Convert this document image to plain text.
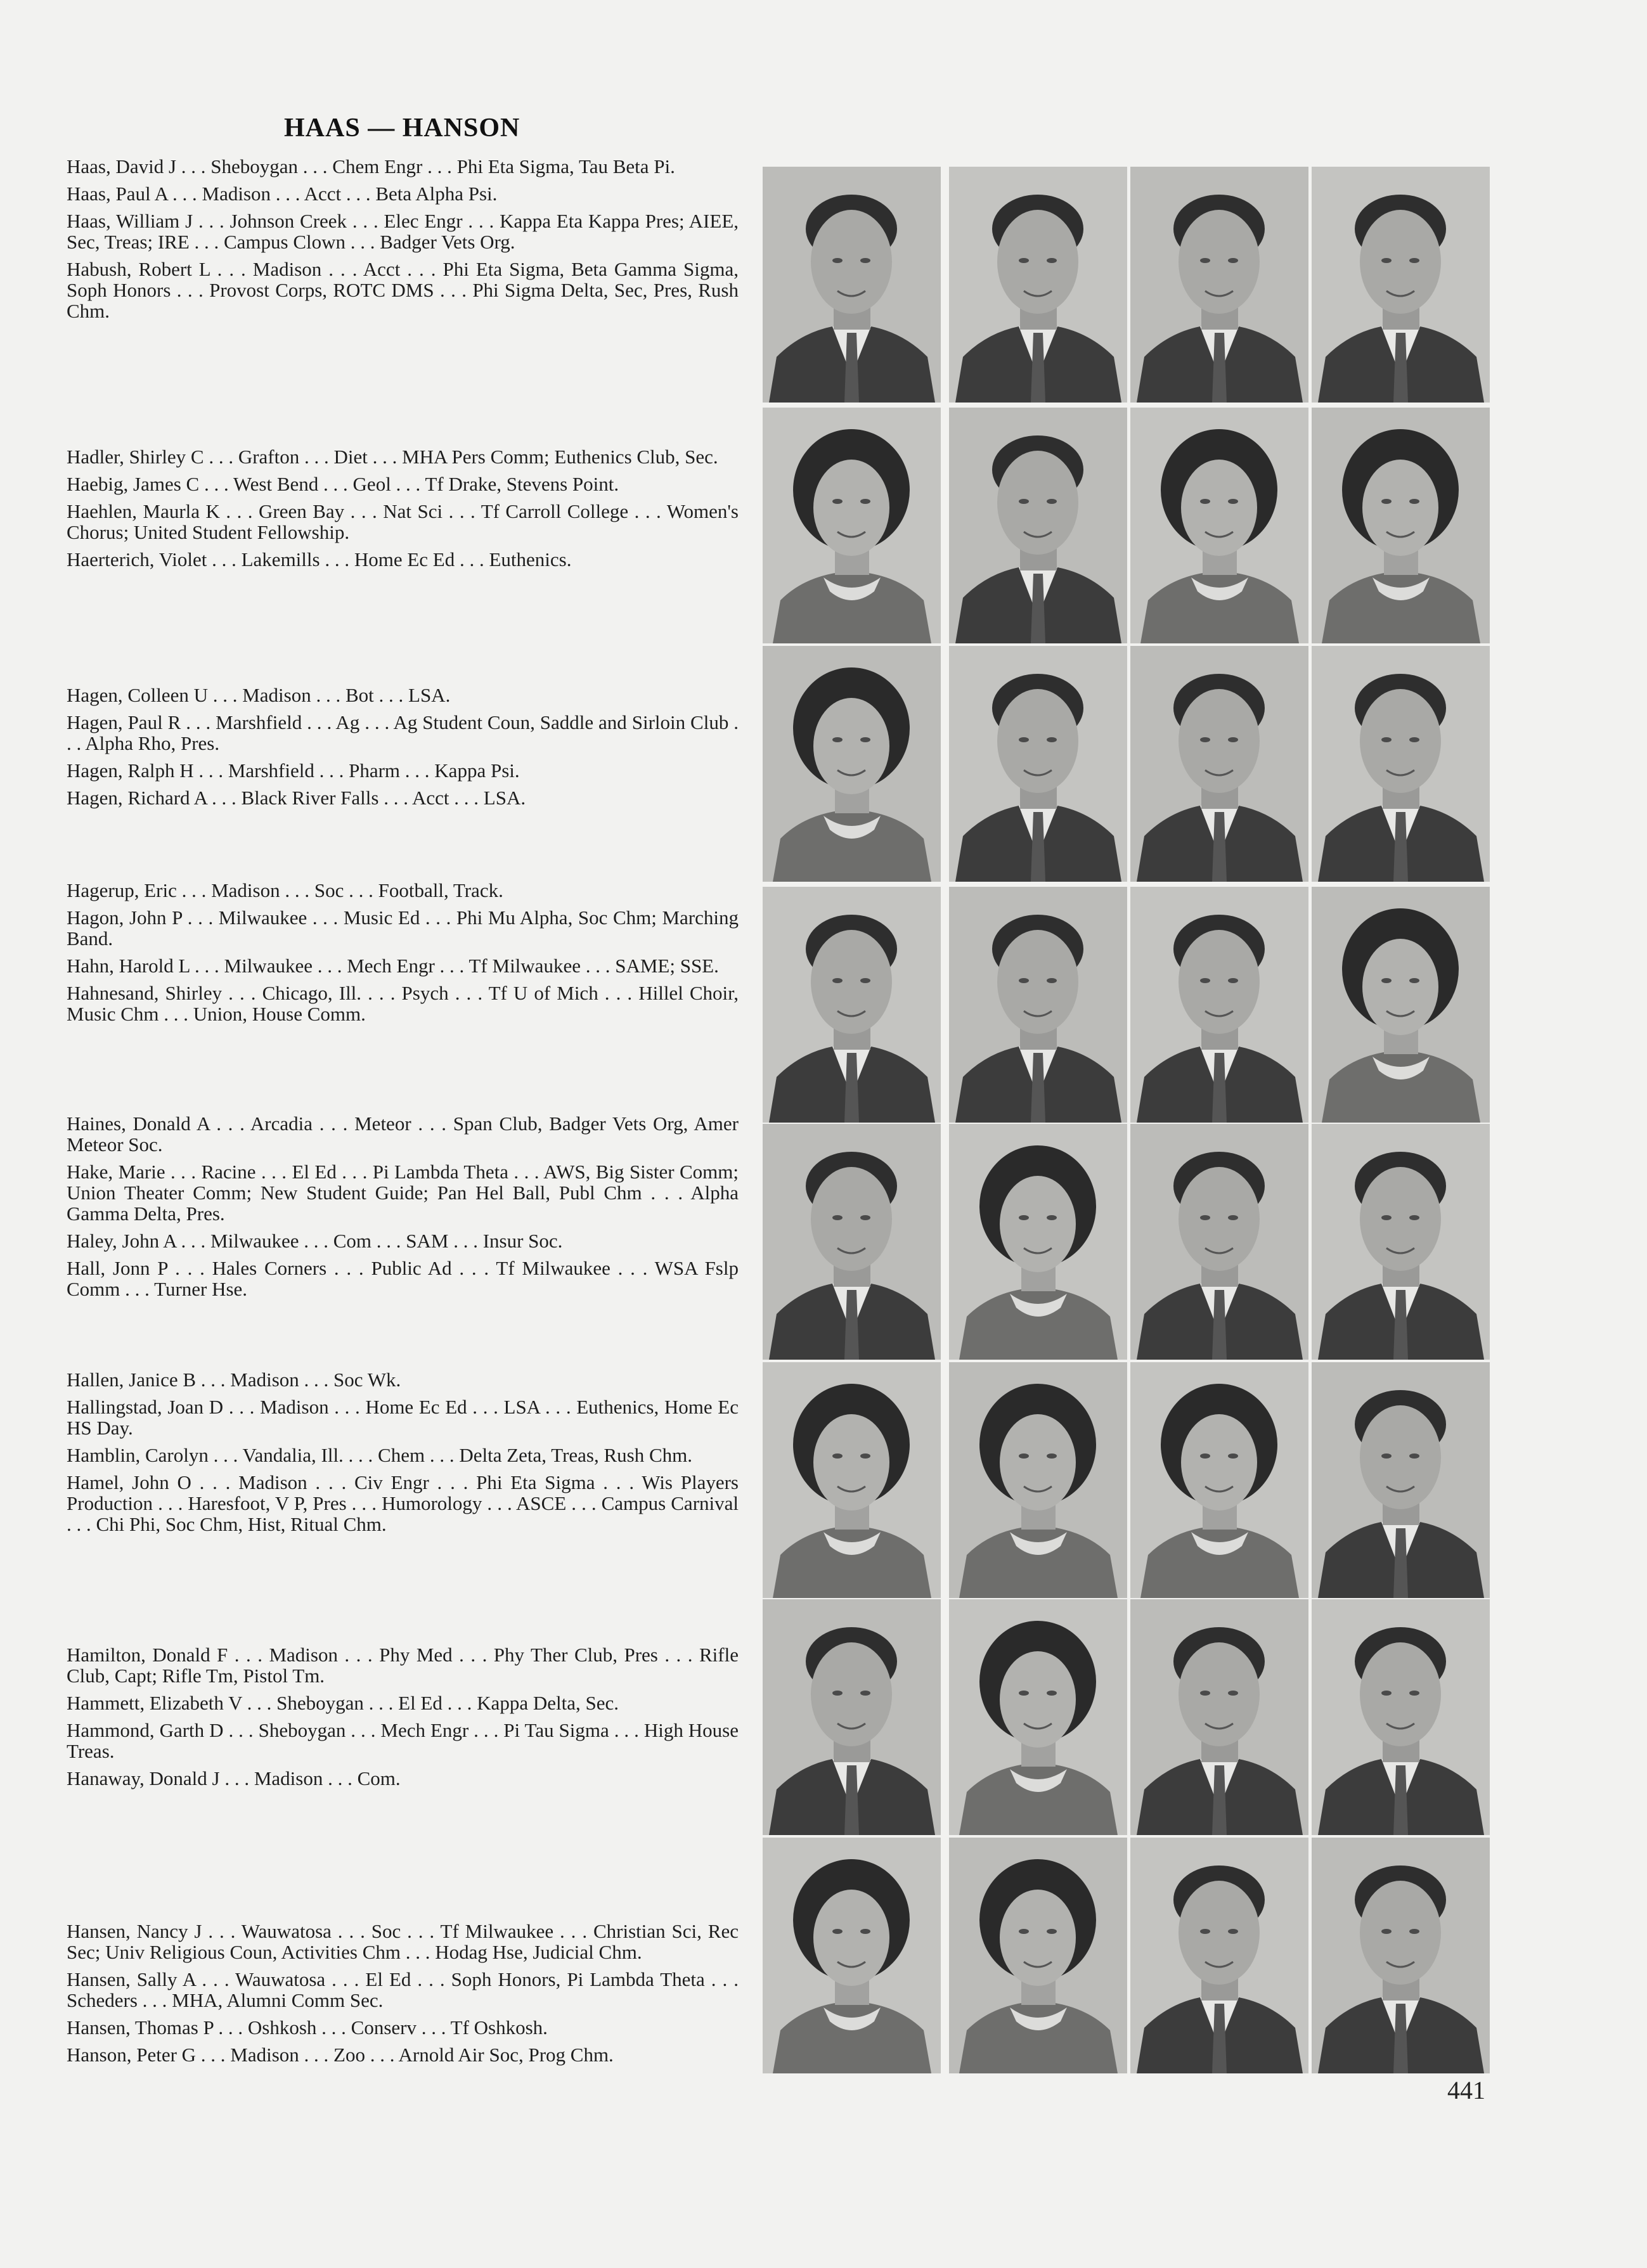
HAAS — HANSON

Haas, David J . . . Sheboygan . . . Chem Engr . . . Phi Eta Sigma, Tau Beta Pi.

Haas, Paul A . . . Madison . . . Acct . . . Beta Alpha Psi.

Haas, William J . . . Johnson Creek . . . Elec Engr . . . Kappa Eta Kappa Pres; AIEE, Sec, Treas; IRE . . . Campus Clown . . . Badger Vets Org.

Habush, Robert L . . . Madison . . . Acct . . . Phi Eta Sigma, Beta Gamma Sigma, Soph Honors . . . Provost Corps, ROTC DMS . . . Phi Sigma Delta, Sec, Pres, Rush Chm.

Hadler, Shirley C . . . Grafton . . . Diet . . . MHA Pers Comm; Euthenics Club, Sec.

Haebig, James C . . . West Bend . . . Geol . . . Tf Drake, Stevens Point.

Haehlen, Maurla K . . . Green Bay . . . Nat Sci . . . Tf Carroll College . . . Women's Chorus; United Student Fellowship.

Haerterich, Violet . . . Lakemills . . . Home Ec Ed . . . Euthenics.

Hagen, Colleen U . . . Madison . . . Bot . . . LSA.

Hagen, Paul R . . . Marshfield . . . Ag . . . Ag Student Coun, Saddle and Sirloin Club . . . Alpha Rho, Pres.

Hagen, Ralph H . . . Marshfield . . . Pharm . . . Kappa Psi.

Hagen, Richard A . . . Black River Falls . . . Acct . . . LSA.

Hagerup, Eric . . . Madison . . . Soc . . . Football, Track.

Hagon, John P . . . Milwaukee . . . Music Ed . . . Phi Mu Alpha, Soc Chm; Marching Band.

Hahn, Harold L . . . Milwaukee . . . Mech Engr . . . Tf Milwaukee . . . SAME; SSE.

Hahnesand, Shirley . . . Chicago, Ill. . . . Psych . . . Tf U of Mich . . . Hillel Choir, Music Chm . . . Union, House Comm.

Haines, Donald A . . . Arcadia . . . Meteor . . . Span Club, Badger Vets Org, Amer Meteor Soc.

Hake, Marie . . . Racine . . . El Ed . . . Pi Lambda Theta . . . AWS, Big Sister Comm; Union Theater Comm; New Student Guide; Pan Hel Ball, Publ Chm . . . Alpha Gamma Delta, Pres.

Haley, John A . . . Milwaukee . . . Com . . . SAM . . . Insur Soc.

Hall, Jonn P . . . Hales Corners . . . Public Ad . . . Tf Milwaukee . . . WSA Fslp Comm . . . Turner Hse.

Hallen, Janice B . . . Madison . . . Soc Wk.

Hallingstad, Joan D . . . Madison . . . Home Ec Ed . . . LSA . . . Euthenics, Home Ec HS Day.

Hamblin, Carolyn . . . Vandalia, Ill. . . . Chem . . . Delta Zeta, Treas, Rush Chm.

Hamel, John O . . . Madison . . . Civ Engr . . . Phi Eta Sigma . . . Wis Players Production . . . Haresfoot, V P, Pres . . . Humorology . . . ASCE . . . Campus Carnival . . . Chi Phi, Soc Chm, Hist, Ritual Chm.

Hamilton, Donald F . . . Madison . . . Phy Med . . . Phy Ther Club, Pres . . . Rifle Club, Capt; Rifle Tm, Pistol Tm.

Hammett, Elizabeth V . . . Sheboygan . . . El Ed . . . Kappa Delta, Sec.

Hammond, Garth D . . . Sheboygan . . . Mech Engr . . . Pi Tau Sigma . . . High House Treas.

Hanaway, Donald J . . . Madison . . . Com.

Hansen, Nancy J . . . Wauwatosa . . . Soc . . . Tf Milwaukee . . . Christian Sci, Rec Sec; Univ Religious Coun, Activities Chm . . . Hodag Hse, Judicial Chm.

Hansen, Sally A . . . Wauwatosa . . . El Ed . . . Soph Honors, Pi Lambda Theta . . . Scheders . . . MHA, Alumni Comm Sec.

Hansen, Thomas P . . . Oshkosh . . . Conserv . . . Tf Oshkosh.

Hanson, Peter G . . . Madison . . . Zoo . . . Arnold Air Soc, Prog Chm.

441
